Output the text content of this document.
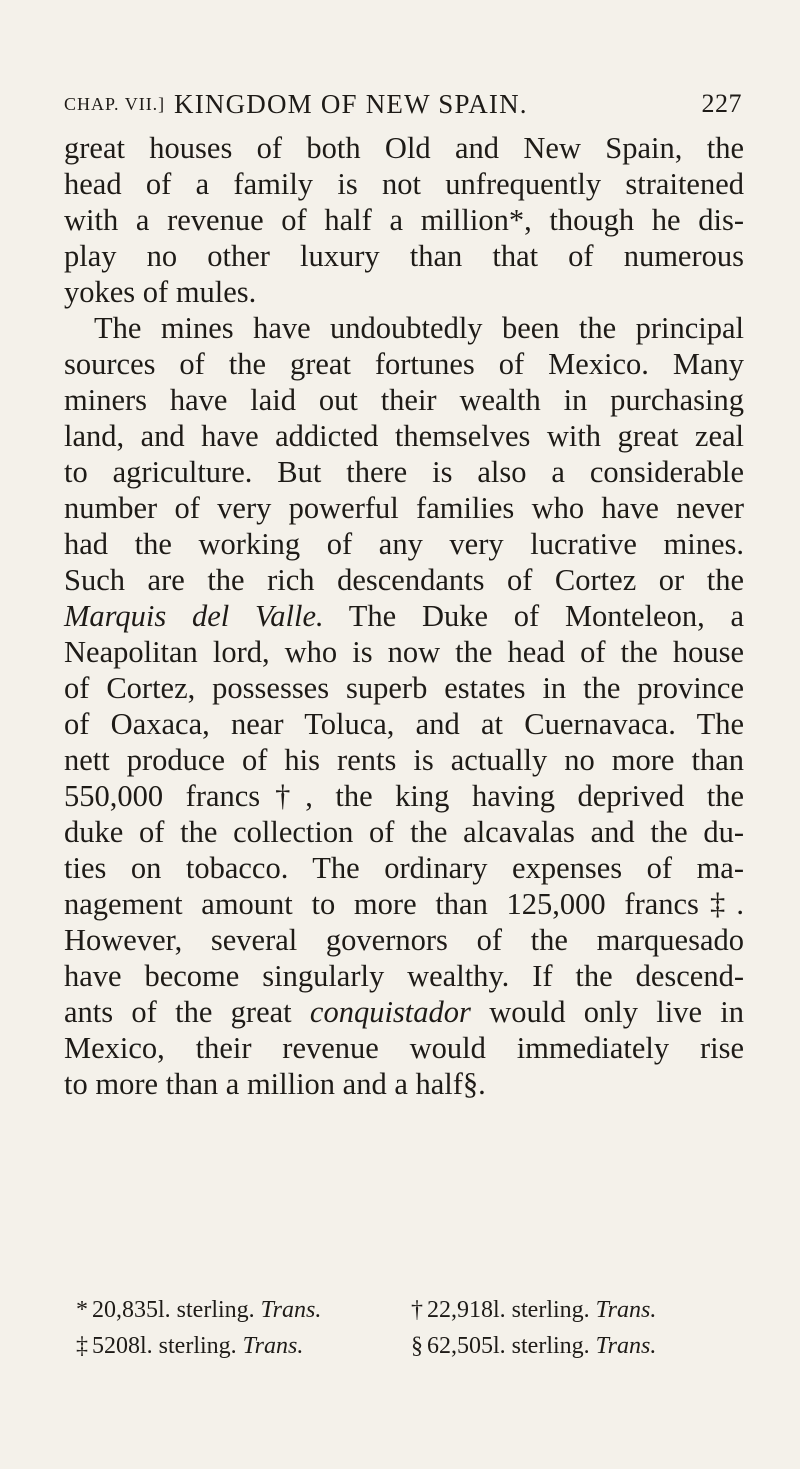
CHAP. VII.] KINGDOM OF NEW SPAIN.	227
great houses of both Old and New Spain, the
head of a family is not unfrequently straitened
with a revenue of half a million*, though he dis-
play no other luxury than that of numerous
yokes of mules.
The mines have undoubtedly been the principal
sources of the great fortunes of Mexico. Many
miners have laid out their wealth in purchasing
land, and have addicted themselves with great zeal
to agriculture. But there is also a considerable
number of very powerful families who have never
had the working of any very lucrative mines.
Such are the rich descendants of Cortez or the
Marquis del Valle. The Duke of Monteleon, a
Neapolitan lord, who is now the head of the house
of Cortez, possesses superb estates in the province
of Oaxaca, near Toluca, and at Cuernavaca. The
nett produce of his rents is actually no more than
550,000 francs†, the king having deprived the
duke of the collection of the alcavalas and the du-
ties on tobacco. The ordinary expenses of ma-
nagement amount to more than 125,000 francs‡.
However, several governors of the marquesado
have become singularly wealthy. If the descend-
ants of the great conquistador would only live in
Mexico, their revenue would immediately rise
to more than a million and a half§.
* 20,835l. sterling. Trans.	† 22,918l. sterling. Trans.
‡ 5208l. sterling. Trans.	§ 62,505l. sterling. Trans.
